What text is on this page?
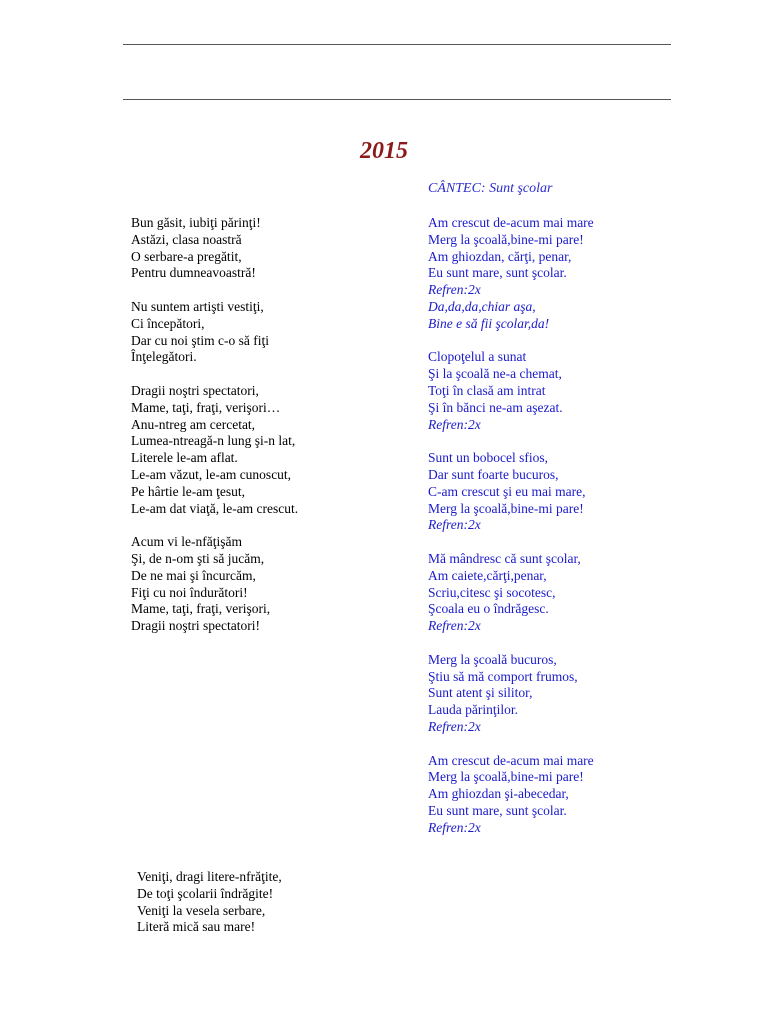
2015
CÂNTEC: Sunt şcolar
Bun găsit, iubiţi părinţi!
Astăzi, clasa noastră
O serbare-a pregătit,
Pentru dumneavoastră!
Nu suntem artişti vestiţi,
Ci începători,
Dar cu noi ştim c-o să fiţi
Înţelegători.
Dragii noştri spectatori,
Mame, taţi, fraţi, verişori…
Anu-ntreg am cercetat,
Lumea-ntreagă-n lung şi-n lat,
Literele le-am aflat.
Le-am văzut, le-am cunoscut,
Pe hârtie le-am ţesut,
Le-am dat viaţă, le-am crescut.
Acum vi le-nfăţişăm
Şi, de n-om şti să jucăm,
De ne mai şi încurcăm,
Fiţi cu noi îndurători!
Mame, taţi, fraţi, verişori,
Dragii noştri spectatori!
Am crescut de-acum mai mare
Merg la şcoală,bine-mi pare!
Am ghiozdan, cărţi, penar,
Eu sunt mare, sunt şcolar.
Refren:2x
Da,da,da,chiar aşa,
Bine e să fii şcolar,da!
Clopoţelul a sunat
Şi la şcoală ne-a chemat,
Toţi în clasă am intrat
Şi în bănci ne-am aşezat.
Refren:2x
Sunt un bobocel sfios,
Dar sunt foarte bucuros,
C-am crescut şi eu mai mare,
Merg la şcoală,bine-mi pare!
Refren:2x
Mă mândresc că sunt şcolar,
Am caiete,cărţi,penar,
Scriu,citesc şi socotesc,
Şcoala eu o îndrăgesc.
Refren:2x
Merg la şcoală bucuros,
Ştiu să mă comport frumos,
Sunt atent şi silitor,
Lauda părinţilor.
Refren:2x
Am crescut de-acum mai mare
Merg la şcoală,bine-mi pare!
Am ghiozdan şi-abecedar,
Eu sunt mare, sunt şcolar.
Refren:2x
Veniţi, dragi litere-nfrăţite,
De toţi şcolarii îndrăgite!
Veniţi la vesela serbare,
Literă mică sau mare!
